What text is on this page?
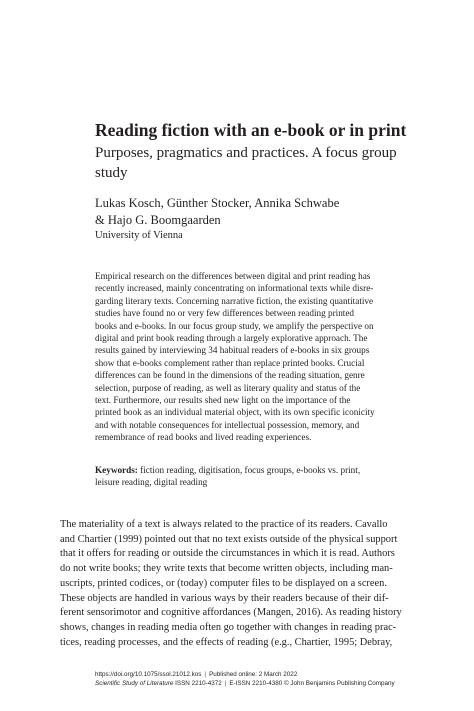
Reading fiction with an e-book or in print
Purposes, pragmatics and practices. A focus group study

Lukas Kosch, Günther Stocker, Annika Schwabe
& Hajo G. Boomgaarden

University of Vienna

Empirical research on the differences between digital and print reading has
recently increased, mainly concentrating on informational texts while disre-
garding literary texts. Concerning narrative fiction, the existing quantitative
studies have found no or very few differences between reading printed
books and e-books. In our focus group study, we amplify the perspective on
digital and print book reading through a largely explorative approach. The
results gained by interviewing 34 habitual readers of e-books in six groups
show that e-books complement rather than replace printed books. Crucial
differences can be found in the dimensions of the reading situation, genre
selection, purpose of reading, as well as literary quality and status of the
text. Furthermore, our results shed new light on the importance of the
printed book as an individual material object, with its own specific iconicity
and with notable consequences for intellectual possession, memory, and
remembrance of read books and lived reading experiences.

Keywords: fiction reading, digitisation, focus groups, e-books vs. print,
leisure reading, digital reading

The materiality of a text is always related to the practice of its readers. Cavallo
and Chartier (1999) pointed out that no text exists outside of the physical support
that it offers for reading or outside the circumstances in which it is read. Authors
do not write books; they write texts that become written objects, including man-
uscripts, printed codices, or (today) computer files to be displayed on a screen.
These objects are handled in various ways by their readers because of their dif-
ferent sensorimotor and cognitive affordances (Mangen, 2016). As reading history
shows, changes in reading media often go together with changes in reading prac-
tices, reading processes, and the effects of reading (e.g., Chartier, 1995; Debray,

https://doi.org/10.1075/ssol.21012.kos | Published online: 2 March 2022
Scientific Study of Literature ISSN 2210-4372 | E-ISSN 2210-4380 © John Benjamins Publishing Company
